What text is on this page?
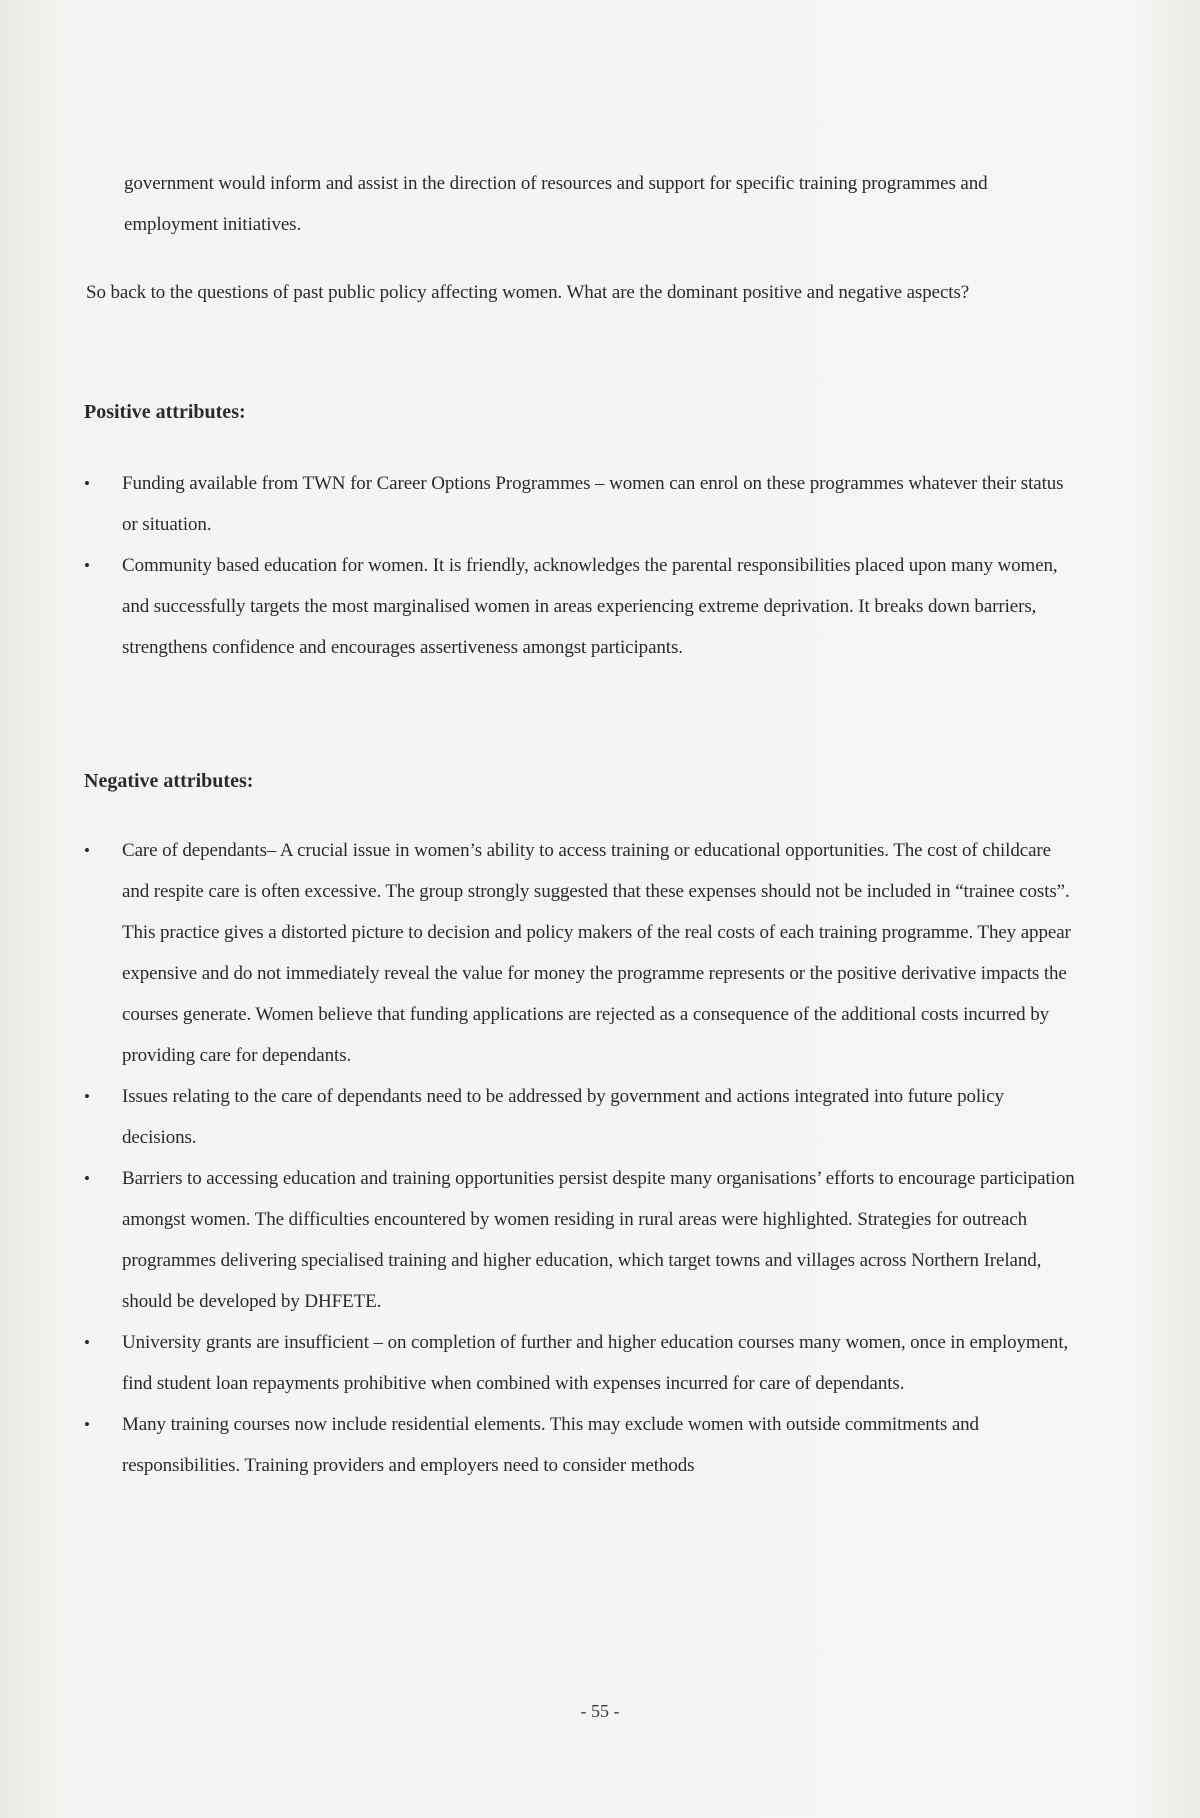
government would inform and assist in the direction of resources and support for specific training programmes and employment initiatives.

So back to the questions of past public policy affecting women. What are the dominant positive and negative aspects?

Positive attributes:
•	Funding available from TWN for Career Options Programmes – women can enrol on these programmes whatever their status or situation.
•	Community based education for women. It is friendly, acknowledges the parental responsibilities placed upon many women, and successfully targets the most marginalised women in areas experiencing extreme deprivation. It breaks down barriers, strengthens confidence and encourages assertiveness amongst participants.
Negative attributes:
•	Care of dependants– A crucial issue in women’s ability to access training or educational opportunities. The cost of childcare and respite care is often excessive. The group strongly suggested that these expenses should not be included in “trainee costs”. This practice gives a distorted picture to decision and policy makers of the real costs of each training programme. They appear expensive and do not immediately reveal the value for money the programme represents or the positive derivative impacts the courses generate. Women believe that funding applications are rejected as a consequence of the additional costs incurred by providing care for dependants.
•	Issues relating to the care of dependants need to be addressed by government and actions integrated into future policy decisions.
•	Barriers to accessing education and training opportunities persist despite many organisations’ efforts to encourage participation amongst women. The difficulties encountered by women residing in rural areas were highlighted. Strategies for outreach programmes delivering specialised training and higher education, which target towns and villages across Northern Ireland, should be developed by DHFETE.
•	University grants are insufficient – on completion of further and higher education courses many women, once in employment, find student loan repayments prohibitive when combined with expenses incurred for care of dependants.
•	Many training courses now include residential elements. This may exclude women with outside commitments and responsibilities. Training providers and employers need to consider methods
- 55 -
